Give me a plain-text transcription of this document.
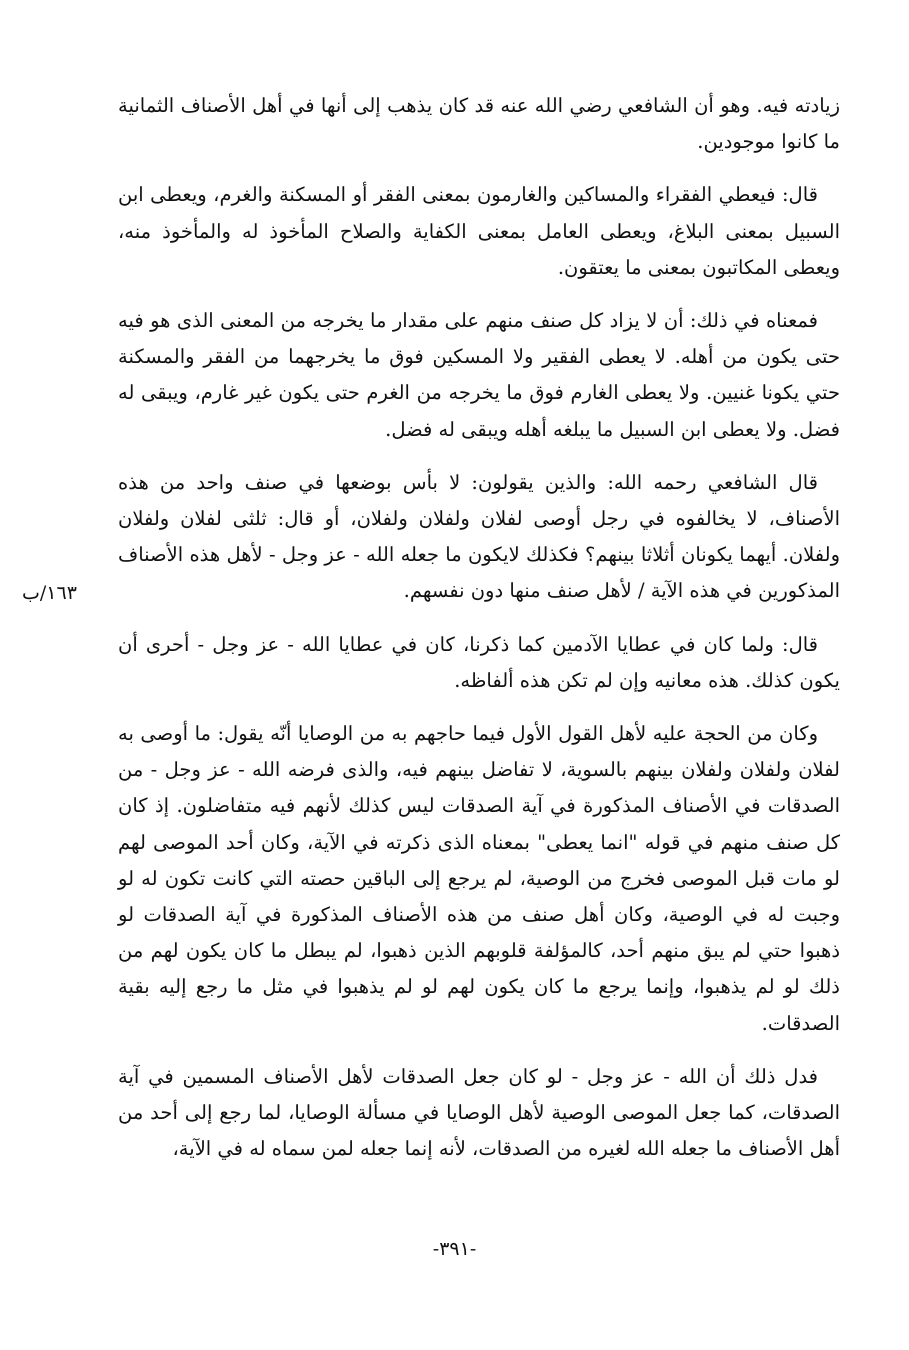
زيادته فيه. وهو أن الشافعي رضي الله عنه قد كان يذهب إلى أنها في أهل الأصناف الثمانية ما كانوا موجودين.

قال: فيعطي الفقراء والمساكين والغارمون بمعنى الفقر أو المسكنة والغرم، ويعطى ابن السبيل بمعنى البلاغ، ويعطى العامل بمعنى الكفاية والصلاح المأخوذ له والمأخوذ منه، ويعطى المكاتبون بمعنى ما يعتقون.

فمعناه في ذلك: أن لا يزاد كل صنف منهم على مقدار ما يخرجه من المعنى الذى هو فيه حتى يكون من أهله. لا يعطى الفقير ولا المسكين فوق ما يخرجهما من الفقر والمسكنة حتي يكونا غنيين. ولا يعطى الغارم فوق ما يخرجه من الغرم حتى يكون غير غارم، ويبقى له فضل. ولا يعطى ابن السبيل ما يبلغه أهله ويبقى له فضل.

قال الشافعي رحمه الله: والذين يقولون: لا بأس بوضعها في صنف واحد من هذه الأصناف، لا يخالفوه في رجل أوصى لفلان ولفلان ولفلان، أو قال: ثلثى لفلان ولفلان ولفلان. أيهما يكونان أثلاثا بينهم؟ فكذلك لايكون ما جعله الله - عز وجل - لأهل هذه الأصناف المذكورين في هذه الآية / لأهل صنف منها دون نفسهم.

قال: ولما كان في عطايا الآدمين كما ذكرنا، كان في عطايا الله - عز وجل - أحرى أن يكون كذلك. هذه معانيه وإن لم تكن هذه ألفاظه.

وكان من الحجة عليه لأهل القول الأول فيما حاجهم به من الوصايا أنّه يقول: ما أوصى به لفلان ولفلان ولفلان بينهم بالسوية، لا تفاضل بينهم فيه، والذى فرضه الله - عز وجل - من الصدقات في الأصناف المذكورة في آية الصدقات ليس كذلك لأنهم فيه متفاضلون. إذ كان كل صنف منهم في قوله "انما يعطى" بمعناه الذى ذكرته في الآية، وكان أحد الموصى لهم لو مات قبل الموصى فخرج من الوصية، لم يرجع إلى الباقين حصته التي كانت تكون له لو وجبت له في الوصية، وكان أهل صنف من هذه الأصناف المذكورة في آية الصدقات لو ذهبوا حتي لم يبق منهم أحد، كالمؤلفة قلوبهم الذين ذهبوا، لم يبطل ما كان يكون لهم من ذلك لو لم يذهبوا، وإنما يرجع ما كان يكون لهم لو لم يذهبوا في مثل ما رجع إليه بقية الصدقات.

فدل ذلك أن الله - عز وجل - لو كان جعل الصدقات لأهل الأصناف المسمين في آية الصدقات، كما جعل الموصى الوصية لأهل الوصايا في مسألة الوصايا، لما رجع إلى أحد من أهل الأصناف ما جعله الله لغيره من الصدقات، لأنه إنما جعله لمن سماه له في الآية،

١٦٣/ب
-٣٩١-
